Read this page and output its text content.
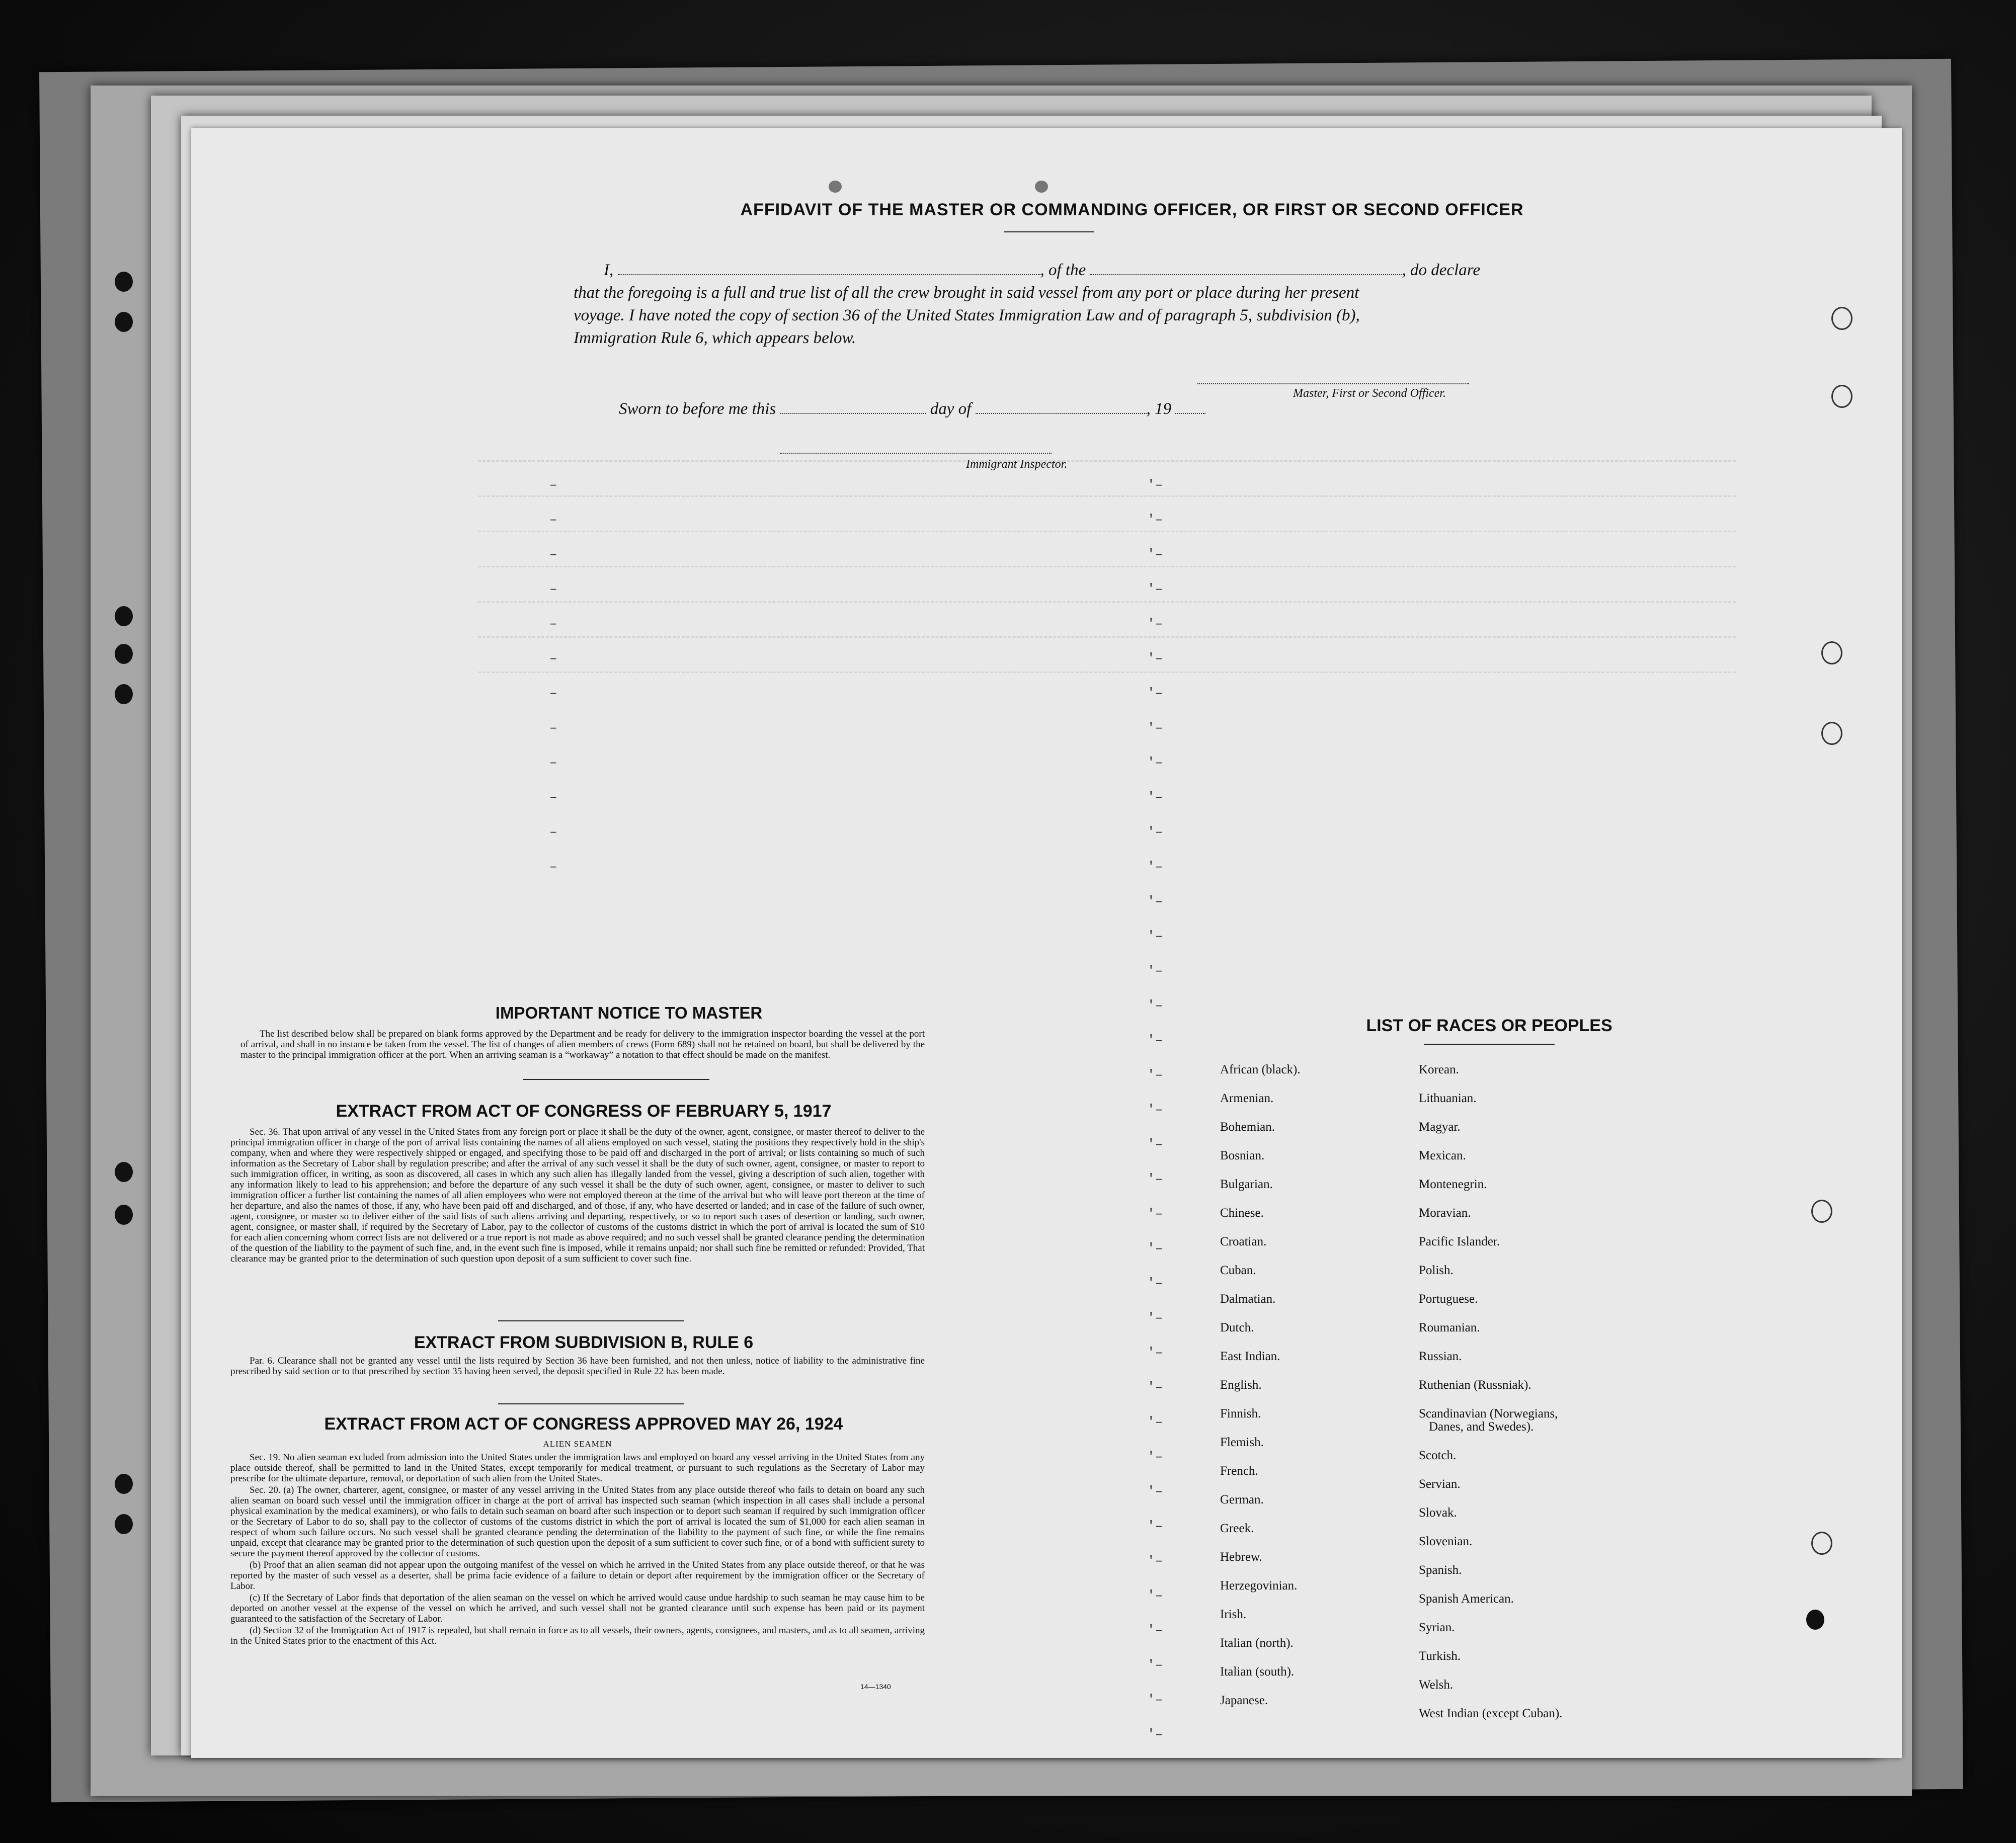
AFFIDAVIT OF THE MASTER OR COMMANDING OFFICER, OR FIRST OR SECOND OFFICER
I,	, of the	, do declare
that the foregoing is a full and true list of all the crew brought in said vessel from any port or place during her present
voyage. I have noted the copy of section 36 of the United States Immigration Law and of paragraph 5, subdivision (b),
Immigration Rule 6, which appears below.
Master, First or Second Officer.
Sworn to before me this	day of	, 19
Immigrant Inspector.
–
–
–
–
–
–
–
–
–
–
–
–
'–
'–
'–
'–
'–
'–
'–
'–
'–
'–
'–
'–
'–
'–
'–
'–
'–
'–
'–
'–
'–
'–
'–
'–
'–
'–
'–
'–
'–
'–
'–
'–
'–
'–
'–
'–
'–
IMPORTANT NOTICE TO MASTER

The list described below shall be prepared on blank forms approved by the Department and be ready for delivery to the immigration inspector boarding the vessel at the port of arrival, and shall in no instance be taken from the vessel. The list of changes of alien members of crews (Form 689) shall not be retained on board, but shall be delivered by the master to the principal immigration officer at the port. When an arriving seaman is a “workaway” a notation to that effect should be made on the manifest.

EXTRACT FROM ACT OF CONGRESS OF FEBRUARY 5, 1917

Sec. 36. That upon arrival of any vessel in the United States from any foreign port or place it shall be the duty of the owner, agent, consignee, or master thereof to deliver to the principal immigration officer in charge of the port of arrival lists containing the names of all aliens employed on such vessel, stating the positions they respectively hold in the ship's company, when and where they were respectively shipped or engaged, and specifying those to be paid off and discharged in the port of arrival; or lists containing so much of such information as the Secretary of Labor shall by regulation prescribe; and after the arrival of any such vessel it shall be the duty of such owner, agent, consignee, or master to report to such immigration officer, in writing, as soon as discovered, all cases in which any such alien has illegally landed from the vessel, giving a description of such alien, together with any information likely to lead to his apprehension; and before the departure of any such vessel it shall be the duty of such owner, agent, consignee, or master to deliver to such immigration officer a further list containing the names of all alien employees who were not employed thereon at the time of the arrival but who will leave port thereon at the time of her departure, and also the names of those, if any, who have been paid off and discharged, and of those, if any, who have deserted or landed; and in case of the failure of such owner, agent, consignee, or master so to deliver either of the said lists of such aliens arriving and departing, respectively, or so to report such cases of desertion or landing, such owner, agent, consignee, or master shall, if required by the Secretary of Labor, pay to the collector of customs of the customs district in which the port of arrival is located the sum of $10 for each alien concerning whom correct lists are not delivered or a true report is not made as above required; and no such vessel shall be granted clearance pending the determination of the question of the liability to the payment of such fine, and, in the event such fine is imposed, while it remains unpaid; nor shall such fine be remitted or refunded: Provided, That clearance may be granted prior to the determination of such question upon deposit of a sum sufficient to cover such fine.

EXTRACT FROM SUBDIVISION B, RULE 6

Par. 6. Clearance shall not be granted any vessel until the lists required by Section 36 have been furnished, and not then unless, notice of liability to the administrative fine prescribed by said section or to that prescribed by section 35 having been served, the deposit specified in Rule 22 has been made.

EXTRACT FROM ACT OF CONGRESS APPROVED MAY 26, 1924

ALIEN SEAMEN

Sec. 19. No alien seaman excluded from admission into the United States under the immigration laws and employed on board any vessel arriving in the United States from any place outside thereof, shall be permitted to land in the United States, except temporarily for medical treatment, or pursuant to such regulations as the Secretary of Labor may prescribe for the ultimate departure, removal, or deportation of such alien from the United States.

Sec. 20. (a) The owner, charterer, agent, consignee, or master of any vessel arriving in the United States from any place outside thereof who fails to detain on board any such alien seaman on board such vessel until the immigration officer in charge at the port of arrival has inspected such seaman (which inspection in all cases shall include a personal physical examination by the medical examiners), or who fails to detain such seaman on board after such inspection or to deport such seaman if required by such immigration officer or the Secretary of Labor to do so, shall pay to the collector of customs of the customs district in which the port of arrival is located the sum of $1,000 for each alien seaman in respect of whom such failure occurs. No such vessel shall be granted clearance pending the determination of the liability to the payment of such fine, or while the fine remains unpaid, except that clearance may be granted prior to the determination of such question upon the deposit of a sum sufficient to cover such fine, or of a bond with sufficient surety to secure the payment thereof approved by the collector of customs.

(b) Proof that an alien seaman did not appear upon the outgoing manifest of the vessel on which he arrived in the United States from any place outside thereof, or that he was reported by the master of such vessel as a deserter, shall be prima facie evidence of a failure to detain or deport after requirement by the immigration officer or the Secretary of Labor.

(c) If the Secretary of Labor finds that deportation of the alien seaman on the vessel on which he arrived would cause undue hardship to such seaman he may cause him to be deported on another vessel at the expense of the vessel on which he arrived, and such vessel shall not be granted clearance until such expense has been paid or its payment guaranteed to the satisfaction of the Secretary of Labor.

(d) Section 32 of the Immigration Act of 1917 is repealed, but shall remain in force as to all vessels, their owners, agents, consignees, and masters, and as to all seamen, arriving in the United States prior to the enactment of this Act.

14—1340
LIST OF RACES OR PEOPLES
African (black).
Armenian.
Bohemian.
Bosnian.
Bulgarian.
Chinese.
Croatian.
Cuban.
Dalmatian.
Dutch.
East Indian.
English.
Finnish.
Flemish.
French.
German.
Greek.
Hebrew.
Herzegovinian.
Irish.
Italian (north).
Italian (south).
Japanese.
Korean.
Lithuanian.
Magyar.
Mexican.
Montenegrin.
Moravian.
Pacific Islander.
Polish.
Portuguese.
Roumanian.
Russian.
Ruthenian (Russniak).
Scandinavian (Norwegians,
Danes, and Swedes).
Scotch.
Servian.
Slovak.
Slovenian.
Spanish.
Spanish American.
Syrian.
Turkish.
Welsh.
West Indian (except Cuban).
